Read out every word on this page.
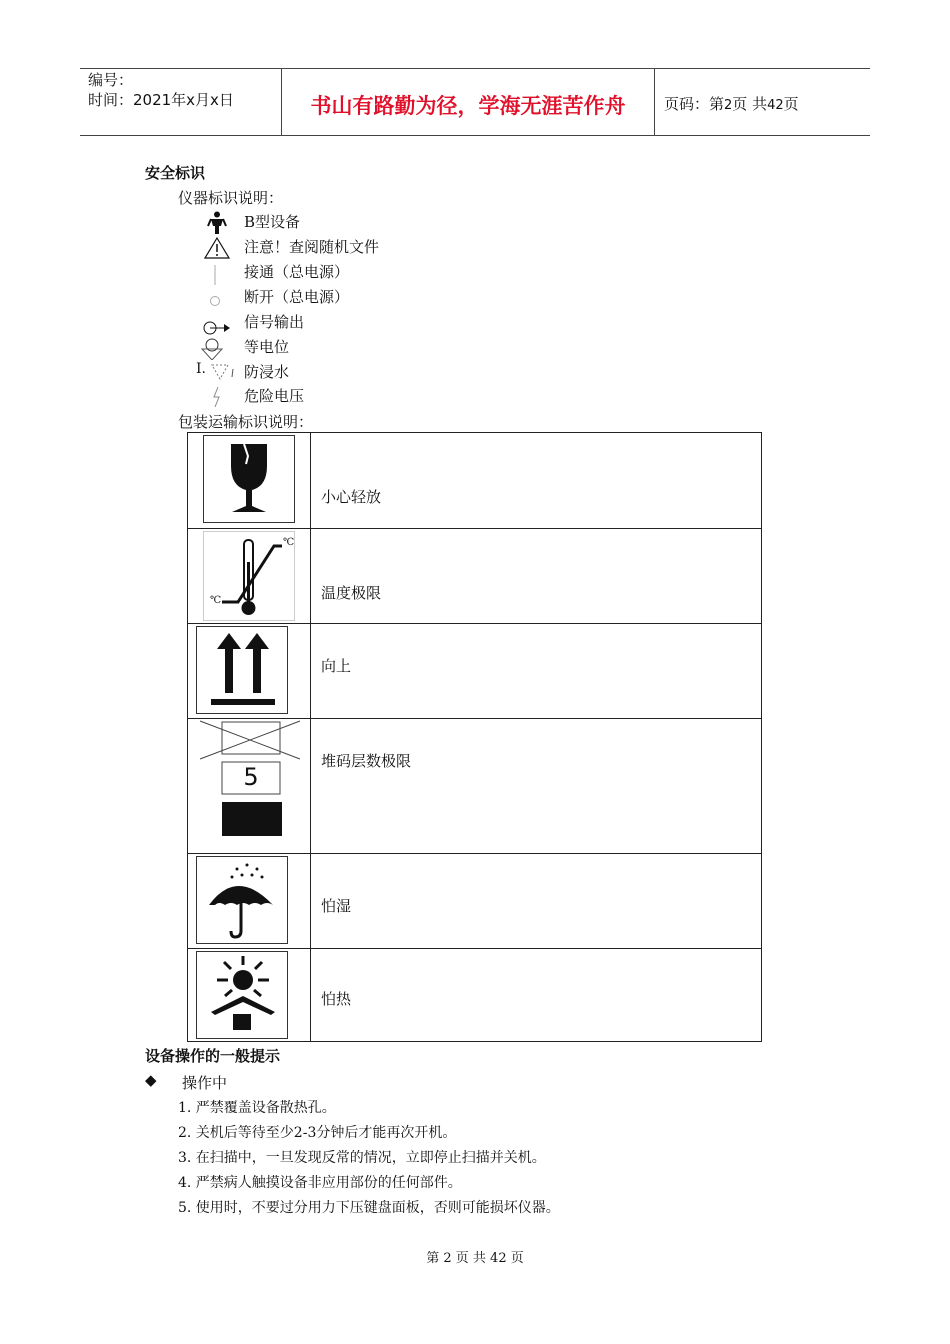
编号：
时间：2021年x月x日	书山有路勤为径，学海无涯苦作舟	页码：第2页 共42页
安全标识
仪器标识说明：
B型设备
注意！查阅随机文件
接通（总电源）
断开（总电源）
信号输出
等电位
I.	防浸水
危险电压
包装运输标识说明：
小心轻放
℃
℃	温度极限
向上
5
堆码层数极限
怕湿
怕热
设备操作的一般提示
◆ 操作中
1. 严禁覆盖设备散热孔。
2. 关机后等待至少2-3分钟后才能再次开机。
3. 在扫描中，一旦发现反常的情况，立即停止扫描并关机。
4. 严禁病人触摸设备非应用部份的任何部件。
5. 使用时，不要过分用力下压键盘面板，否则可能损坏仪器。
第 2 页 共 42 页
